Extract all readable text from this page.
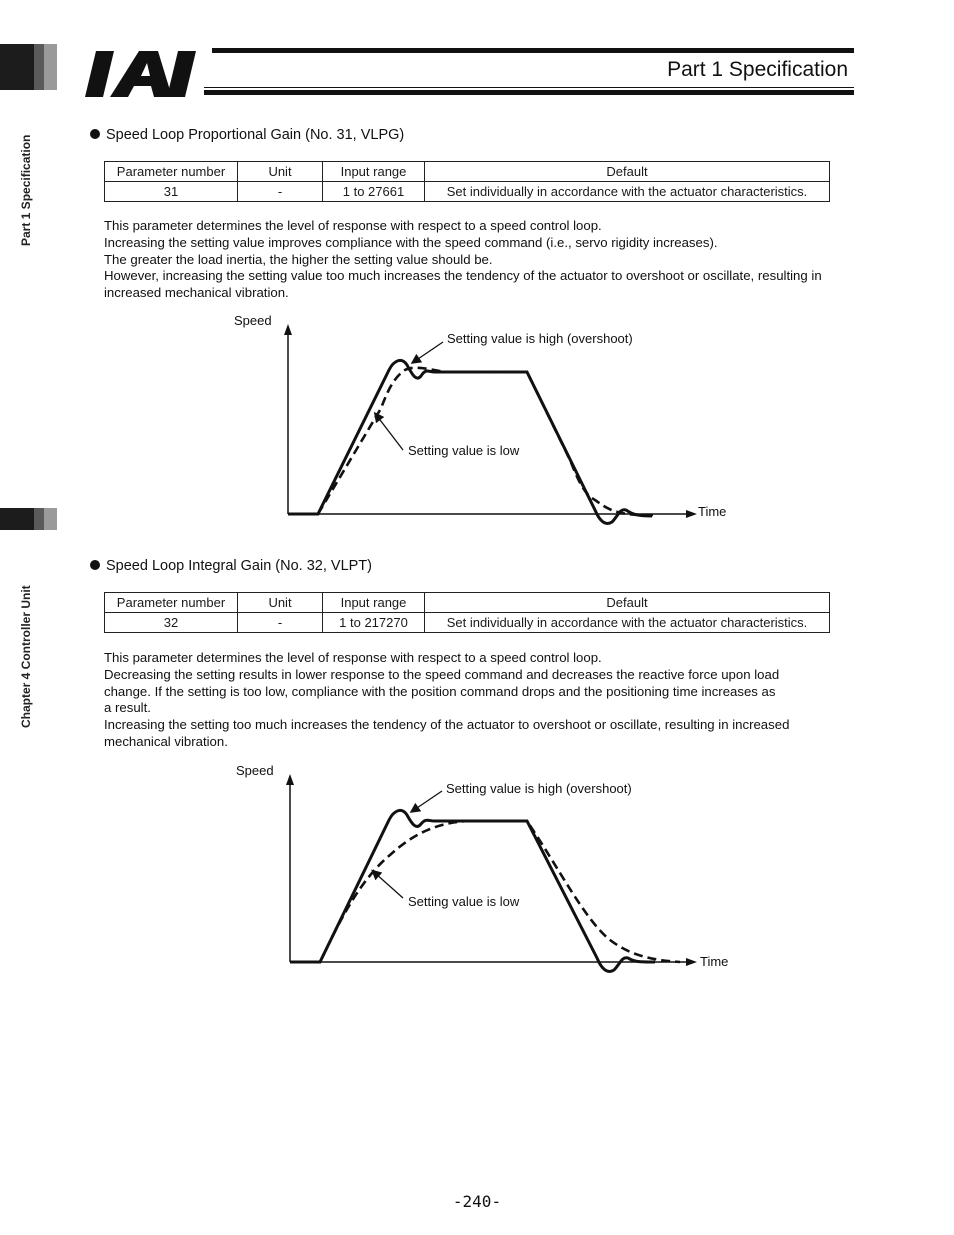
Part 1 Specification
Chapter 4 Controller Unit
Part 1 Specification
Speed Loop Proportional Gain (No. 31, VLPG)
Parameter number	Unit	Input range	Default
31	-	1 to 27661	Set individually in accordance with the actuator characteristics.
This parameter determines the level of response with respect to a speed control loop.
Increasing the setting value improves compliance with the speed command (i.e., servo rigidity increases).
The greater the load inertia, the higher the setting value should be.
However, increasing the setting value too much increases the tendency of the actuator to overshoot or oscillate, resulting in
increased mechanical vibration.
Speed
Time
Setting value is high (overshoot)
Setting value is low
Speed Loop Integral Gain (No. 32, VLPT)
Parameter number	Unit	Input range	Default
32	-	1 to 217270	Set individually in accordance with the actuator characteristics.
This parameter determines the level of response with respect to a speed control loop.
Decreasing the setting results in lower response to the speed command and decreases the reactive force upon load
change. If the setting is too low, compliance with the position command drops and the positioning time increases as
a result.
Increasing the setting too much increases the tendency of the actuator to overshoot or oscillate, resulting in increased
mechanical vibration.
Speed
Time
Setting value is high (overshoot)
Setting value is low
-240-
